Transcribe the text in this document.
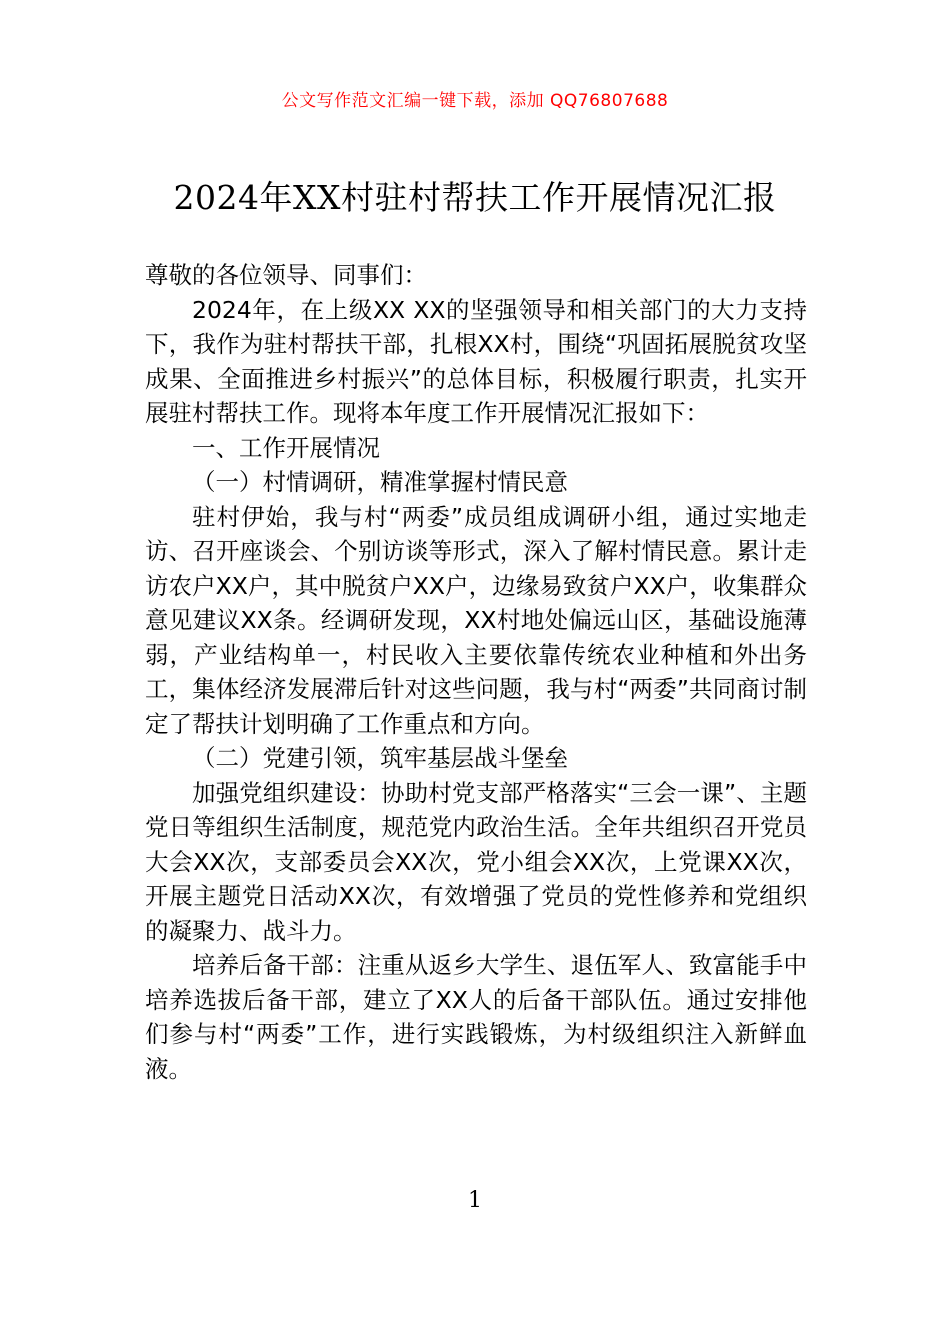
公文写作范文汇编一键下载，添加 QQ76807688
2024年XX村驻村帮扶工作开展情况汇报

尊敬的各位领导、同事们：

2024年，在上级XX XX的坚强领导和相关部门的大力支持下，我作为驻村帮扶干部，扎根XX村，围绕“巩固拓展脱贫攻坚成果、全面推进乡村振兴”的总体目标，积极履行职责，扎实开展驻村帮扶工作。现将本年度工作开展情况汇报如下：

一、工作开展情况

（一）村情调研，精准掌握村情民意

驻村伊始，我与村“两委”成员组成调研小组，通过实地走访、召开座谈会、个别访谈等形式，深入了解村情民意。累计走访农户XX户，其中脱贫户XX户，边缘易致贫户XX户，收集群众意见建议XX条。经调研发现，XX村地处偏远山区，基础设施薄弱，产业结构单一，村民收入主要依靠传统农业种植和外出务工，集体经济发展滞后针对这些问题，我与村“两委”共同商讨制定了帮扶计划明确了工作重点和方向。

（二）党建引领，筑牢基层战斗堡垒

加强党组织建设：协助村党支部严格落实“三会一课”、主题党日等组织生活制度，规范党内政治生活。全年共组织召开党员大会XX次，支部委员会XX次，党小组会XX次，上党课XX次，开展主题党日活动XX次，有效增强了党员的党性修养和党组织的凝聚力、战斗力。

培养后备干部：注重从返乡大学生、退伍军人、致富能手中培养选拔后备干部，建立了XX人的后备干部队伍。通过安排他们参与村“两委”工作，进行实践锻炼，为村级组织注入新鲜血液。

1
